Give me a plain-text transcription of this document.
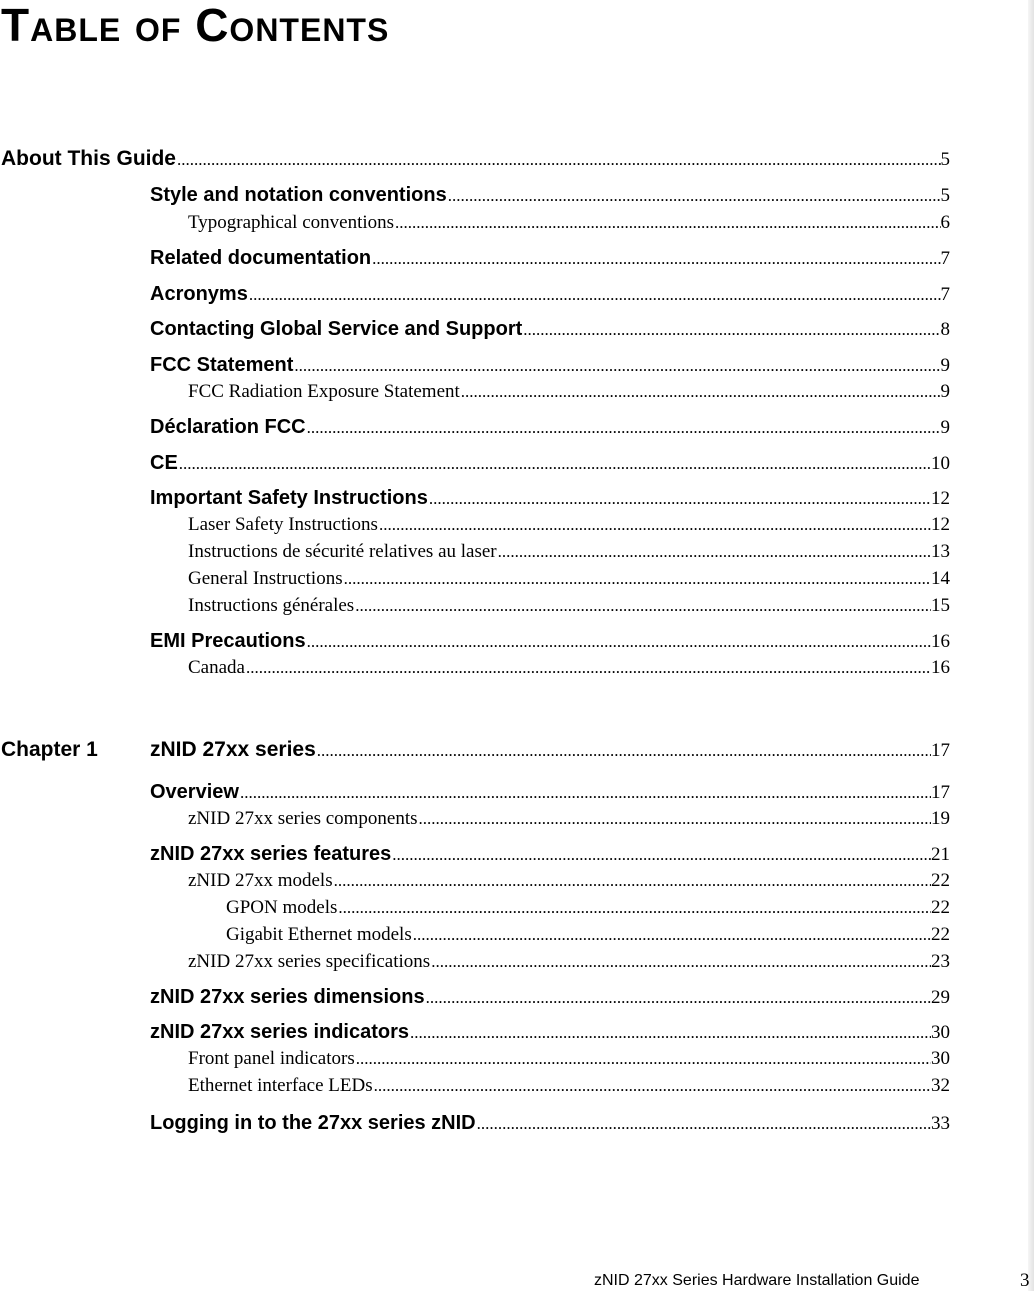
Table of Contents
About This Guide .....	5
Style and notation conventions .....	5
Typographical conventions .....	6
Related documentation .....	7
Acronyms .....	7
Contacting Global Service and Support .....	8
FCC Statement .....	9
FCC Radiation Exposure Statement .....	9
Déclaration FCC .....	9
CE .....	10
Important Safety Instructions .....	12
Laser Safety Instructions .....	12
Instructions de sécurité relatives au laser .....	13
General Instructions .....	14
Instructions générales .....	15
EMI Precautions .....	16
Canada .....	16
Chapter 1 zNID 27xx series .....	17
Overview .....	17
zNID 27xx series components .....	19
zNID 27xx series features .....	21
zNID 27xx models .....	22
GPON models .....	22
Gigabit Ethernet models .....	22
zNID 27xx series specifications .....	23
zNID 27xx series dimensions .....	29
zNID 27xx series indicators .....	30
Front panel indicators .....	30
Ethernet interface LEDs .....	32
Logging in to the 27xx series zNID .....	33
zNID 27xx Series Hardware Installation Guide	3
